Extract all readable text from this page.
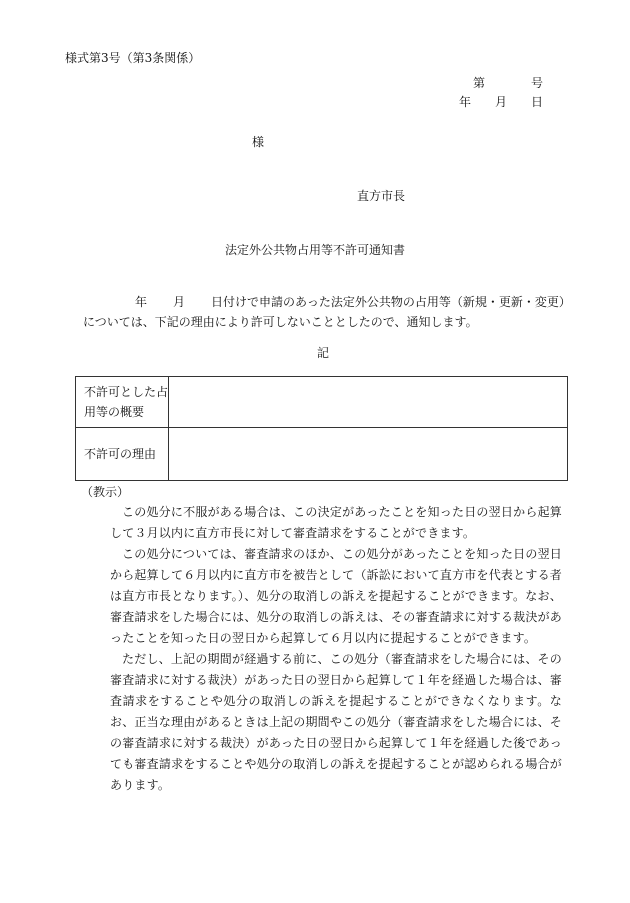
様式第3号（第3条関係）
第	号
年 月 日
様
直方市長
法定外公共物占用等不許可通知書
年 月 日付けで申請のあった法定外公共物の占用等（新規・更新・変更）については、下記の理由により許可しないこととしたので、通知します。
記
不許可とした占用等の概要	
不許可の理由	
（教示）

この処分に不服がある場合は、この決定があったことを知った日の翌日から起算して３月以内に直方市長に対して審査請求をすることができます。

この処分については、審査請求のほか、この処分があったことを知った日の翌日から起算して６月以内に直方市を被告として（訴訟において直方市を代表とする者は直方市長となります。）、処分の取消しの訴えを提起することができます。なお、審査請求をした場合には、処分の取消しの訴えは、その審査請求に対する裁決があったことを知った日の翌日から起算して６月以内に提起することができます。

ただし、上記の期間が経過する前に、この処分（審査請求をした場合には、その審査請求に対する裁決）があった日の翌日から起算して１年を経過した場合は、審査請求をすることや処分の取消しの訴えを提起することができなくなります。なお、正当な理由があるときは上記の期間やこの処分（審査請求をした場合には、その審査請求に対する裁決）があった日の翌日から起算して１年を経過した後であっても審査請求をすることや処分の取消しの訴えを提起することが認められる場合があります。
